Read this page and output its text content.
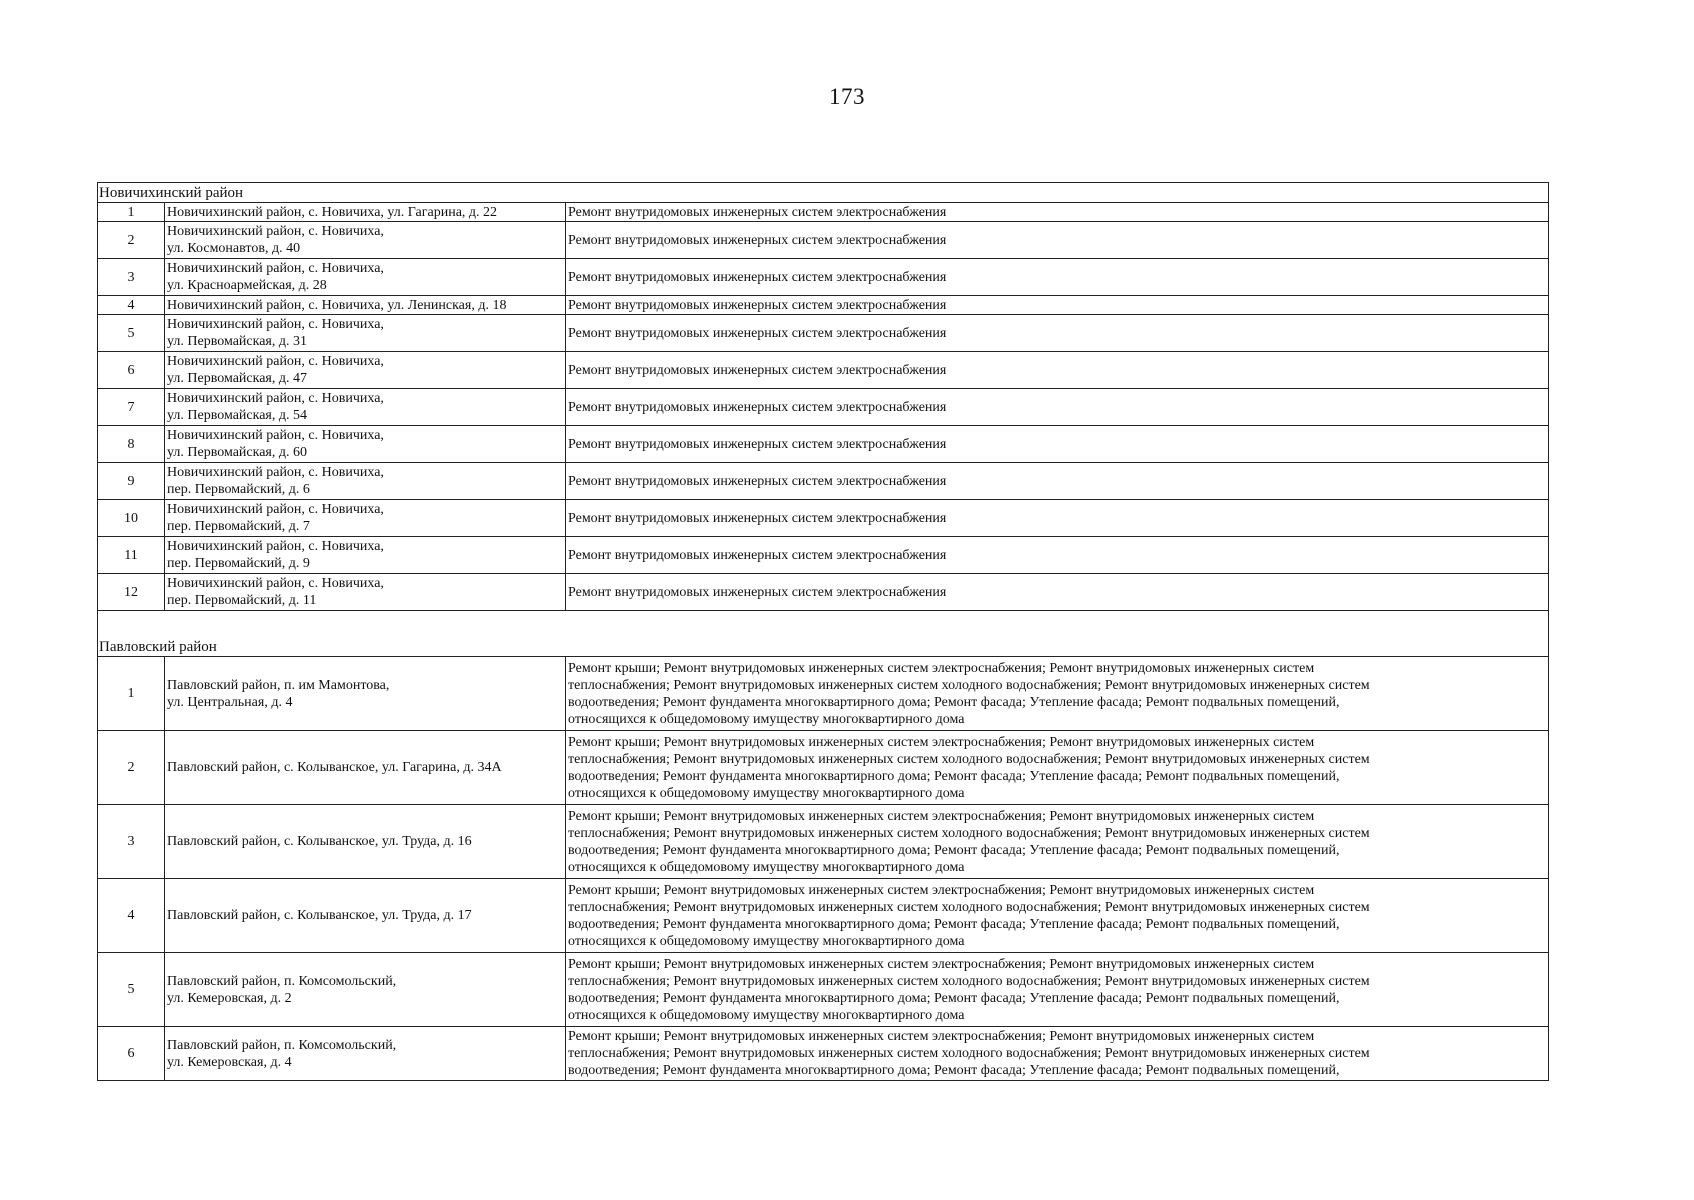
173
Новичихинский район		
1	Новичихинский район, с. Новичиха, ул. Гагарина, д. 22	Ремонт внутридомовых инженерных систем электроснабжения

2	Новичихинский район, с. Новичиха,
ул. Космонавтов, д. 40	Ремонт внутридомовых инженерных систем электроснабжения

3	Новичихинский район, с. Новичиха,
ул. Красноармейская, д. 28	Ремонт внутридомовых инженерных систем электроснабжения

4	Новичихинский район, с. Новичиха, ул. Ленинская, д. 18	Ремонт внутридомовых инженерных систем электроснабжения

5	Новичихинский район, с. Новичиха,
ул. Первомайская, д. 31	Ремонт внутридомовых инженерных систем электроснабжения

6	Новичихинский район, с. Новичиха,
ул. Первомайская, д. 47	Ремонт внутридомовых инженерных систем электроснабжения

7	Новичихинский район, с. Новичиха,
ул. Первомайская, д. 54	Ремонт внутридомовых инженерных систем электроснабжения

8	Новичихинский район, с. Новичиха,
ул. Первомайская, д. 60	Ремонт внутридомовых инженерных систем электроснабжения

9	Новичихинский район, с. Новичиха,
пер. Первомайский, д. 6	Ремонт внутридомовых инженерных систем электроснабжения

10	Новичихинский район, с. Новичиха,
пер. Первомайский, д. 7	Ремонт внутридомовых инженерных систем электроснабжения

11	Новичихинский район, с. Новичиха,
пер. Первомайский, д. 9	Ремонт внутридомовых инженерных систем электроснабжения

12	Новичихинский район, с. Новичиха,
пер. Первомайский, д. 11	Ремонт внутридомовых инженерных систем электроснабжения

Павловский район		
1	Павловский район, п. им Мамонтова,
ул. Центральная, д. 4	Ремонт крыши; Ремонт внутридомовых инженерных систем электроснабжения; Ремонт внутридомовых инженерных систем
теплоснабжения; Ремонт внутридомовых инженерных систем холодного водоснабжения; Ремонт внутридомовых инженерных систем
водоотведения; Ремонт фундамента многоквартирного дома; Ремонт фасада; Утепление фасада; Ремонт подвальных помещений,
относящихся к общедомовому имуществу многоквартирного дома

2	Павловский район, с. Колыванское, ул. Гагарина, д. 34А	Ремонт крыши; Ремонт внутридомовых инженерных систем электроснабжения; Ремонт внутридомовых инженерных систем
теплоснабжения; Ремонт внутридомовых инженерных систем холодного водоснабжения; Ремонт внутридомовых инженерных систем
водоотведения; Ремонт фундамента многоквартирного дома; Ремонт фасада; Утепление фасада; Ремонт подвальных помещений,
относящихся к общедомовому имуществу многоквартирного дома

3	Павловский район, с. Колыванское, ул. Труда, д. 16	Ремонт крыши; Ремонт внутридомовых инженерных систем электроснабжения; Ремонт внутридомовых инженерных систем
теплоснабжения; Ремонт внутридомовых инженерных систем холодного водоснабжения; Ремонт внутридомовых инженерных систем
водоотведения; Ремонт фундамента многоквартирного дома; Ремонт фасада; Утепление фасада; Ремонт подвальных помещений,
относящихся к общедомовому имуществу многоквартирного дома

4	Павловский район, с. Колыванское, ул. Труда, д. 17	Ремонт крыши; Ремонт внутридомовых инженерных систем электроснабжения; Ремонт внутридомовых инженерных систем
теплоснабжения; Ремонт внутридомовых инженерных систем холодного водоснабжения; Ремонт внутридомовых инженерных систем
водоотведения; Ремонт фундамента многоквартирного дома; Ремонт фасада; Утепление фасада; Ремонт подвальных помещений,
относящихся к общедомовому имуществу многоквартирного дома

5	Павловский район, п. Комсомольский,
ул. Кемеровская, д. 2	Ремонт крыши; Ремонт внутридомовых инженерных систем электроснабжения; Ремонт внутридомовых инженерных систем
теплоснабжения; Ремонт внутридомовых инженерных систем холодного водоснабжения; Ремонт внутридомовых инженерных систем
водоотведения; Ремонт фундамента многоквартирного дома; Ремонт фасада; Утепление фасада; Ремонт подвальных помещений,
относящихся к общедомовому имуществу многоквартирного дома

6	Павловский район, п. Комсомольский,
ул. Кемеровская, д. 4	Ремонт крыши; Ремонт внутридомовых инженерных систем электроснабжения; Ремонт внутридомовых инженерных систем
теплоснабжения; Ремонт внутридомовых инженерных систем холодного водоснабжения; Ремонт внутридомовых инженерных систем
водоотведения; Ремонт фундамента многоквартирного дома; Ремонт фасада; Утепление фасада; Ремонт подвальных помещений,
